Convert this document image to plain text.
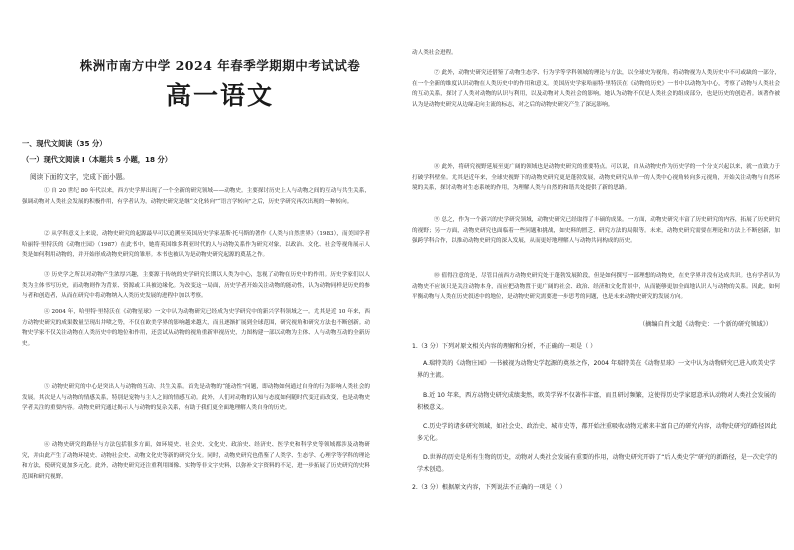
株洲市南方中学 2024 年春季学期期中考试试卷
高一语文
一、现代文阅读（35 分）
（一）现代文阅读 I（本题共 5 小题，18 分）
阅读下面的文字，完成下面小题。
① 自 20 世纪 80 年代以来，西方史学界出现了一个全新的研究领域——动物史。主要探讨历史上人与动物之间的互动与共生关系，强调动物对人类社会发展的积极作用，有学者认为，动物史研究是继“文化转向”“语言学转向”之后，历史学研究再次出现的一种转向。
② 从学科意义上来说，动物史研究的起源最早可以追溯至英国历史学家基斯·托马斯的著作《人类与自然世界》（1983），而美国学者哈丽特·里特沃的《动物庄园》（1987）在此书中，她将英国维多利亚时代的人与动物关系作为研究对象，以政治、文化、社会等视角展示人类是如何利用动物的，并开始形成动物史研究的雏形。本书也被认为是动物史研究起源的奠基之作。
③ 历史学之所以对动物产生浓厚兴趣，主要源于传统的史学研究长期以人类为中心，忽视了动物在历史中的作用。历史学家们以人类为主体书写历史，而动物则作为背景、资源或工具被边缘化。为改变这一局面，历史学者开始关注动物的能动性，认为动物同样是历史的参与者和创造者，从而在研究中将动物纳入人类历史发展的进程中加以考察。
④ 2004 年，哈里特·里特沃在《动物星球》一文中认为动物研究已经成为史学研究中的新兴学科领域之一。尤其是近 10 年来，西方动物史研究的成果数量呈现出井喷之势，不仅在欧美学界的影响越来越大，而且逐渐扩展到全球范围，研究视角和研究方法也不断创新。动物史学家不仅关注动物在人类历史中的地位和作用，还尝试从动物的视角重新审视历史，力图构建一部以动物为主体、人与动物互动的全新历史。
⑤ 动物史研究的中心是突出人与动物的互动、共生关系。首先是动物的“能动性”问题，即动物如何通过自身的行为影响人类社会的发展。其次是人与动物的情感关系，特别是宠物与主人之间的情感互动。此外，人们对动物的认知与态度如何随时代变迁而改变，也是动物史学者关注的重要内容。动物史研究通过揭示人与动物的复杂关系，有助于我们更全面地理解人类自身的历史。
⑥ 动物史研究的路径与方法包括很多方面，如环境史、社会史、文化史、政治史、经济史、医学史和科学史等领域都涉及动物研究，并由此产生了动物环境史、动物社会史、动物文化史等新的研究分支。同时，动物史研究也借鉴了人类学、生态学、心理学等学科的理论和方法，使研究更加多元化。此外，动物史研究还注重利用图像、实物等非文字史料，以弥补文字资料的不足，进一步拓展了历史研究的史料范围和研究视野。
动人类社会进程。
⑦ 此外，动物史研究还借鉴了动物生态学、行为学等学科领域的理论与方法，以全球史为视角，将动物视为人类历史中不可或缺的一部分，在一个全新的维度认识动物在人类历史中的作用和意义。美国历史学家哈丽特·里特沃在《动物的历史》一书中以动物为中心，考察了动物与人类社会的互动关系，探讨了人类对动物的认识与利用，以及动物对人类社会的影响。她认为动物不仅是人类社会的组成部分，也是历史的创造者。该著作被认为是动物史研究从边缘走向主流的标志，对之后的动物史研究产生了深远影响。
⑧ 此外，将研究视野延展至更广阔的领域也是动物史研究的重要特点。可以说，自从动物史作为历史学的一个分支兴起以来，就一直致力于打破学科壁垒。尤其是近年来，全球史视野下的动物史研究更是蓬勃发展，动物史研究从单一的人类中心视角转向多元视角，开始关注动物与自然环境的关系，探讨动物对生态系统的作用，为理解人类与自然的和谐共处提供了新的思路。
⑨ 总之，作为一个新兴的史学研究领域，动物史研究已经取得了丰硕的成果。一方面，动物史研究丰富了历史研究的内容，拓展了历史研究的视野；另一方面，动物史研究也面临着一些问题和挑战，如史料的匮乏、研究方法的局限等。未来，动物史研究需要在理论和方法上不断创新，加强跨学科合作，以推动动物史研究的深入发展，从而更好地理解人与动物共同构成的历史。
⑩ 值得注意的是，尽管目前西方动物史研究处于蓬勃发展阶段，但是如何撰写一部理想的动物史，在史学界并没有达成共识。也有学者认为动物史不应该只是关注动物本身，而应把动物置于更广阔的社会、政治、经济和文化背景中，从而能够更加全面地认识人与动物的关系。因此，如何平衡动物与人类在历史叙述中的地位，是动物史研究需要进一步思考的问题，也是未来动物史研究的发展方向。
（摘编自肖文超《动物史：一个新的研究领域》）
1.（3 分）下列对原文相关内容的理解和分析，不正确的一项是（ ）
A.瑞特美的《动物庄园》一书被视为动物史学起源的奠基之作，2004 年瑞特美在《动物星球》一文中认为动物研究已进入欧美史学界的主流。
B.近 10 年来，西方动物史研究成绩斐然，欧美学界不仅著作丰富，而且研讨频繁，这使得历史学家愿意承认动物对人类社会发展的积极意义。
C.历史学的诸多研究领域，如社会史、政治史、城市史等，都开始注重吸收动物元素来丰富自己的研究内容，动物史研究的路径因此多元化。
D.世界的历史是所有生物的历史，动物对人类社会发展有重要的作用，动物史研究开辟了“后人类史学”研究的新路径，是一次史学的学术创造。
2.（3 分）根据原文内容，下列说法不正确的一项是（ ）
